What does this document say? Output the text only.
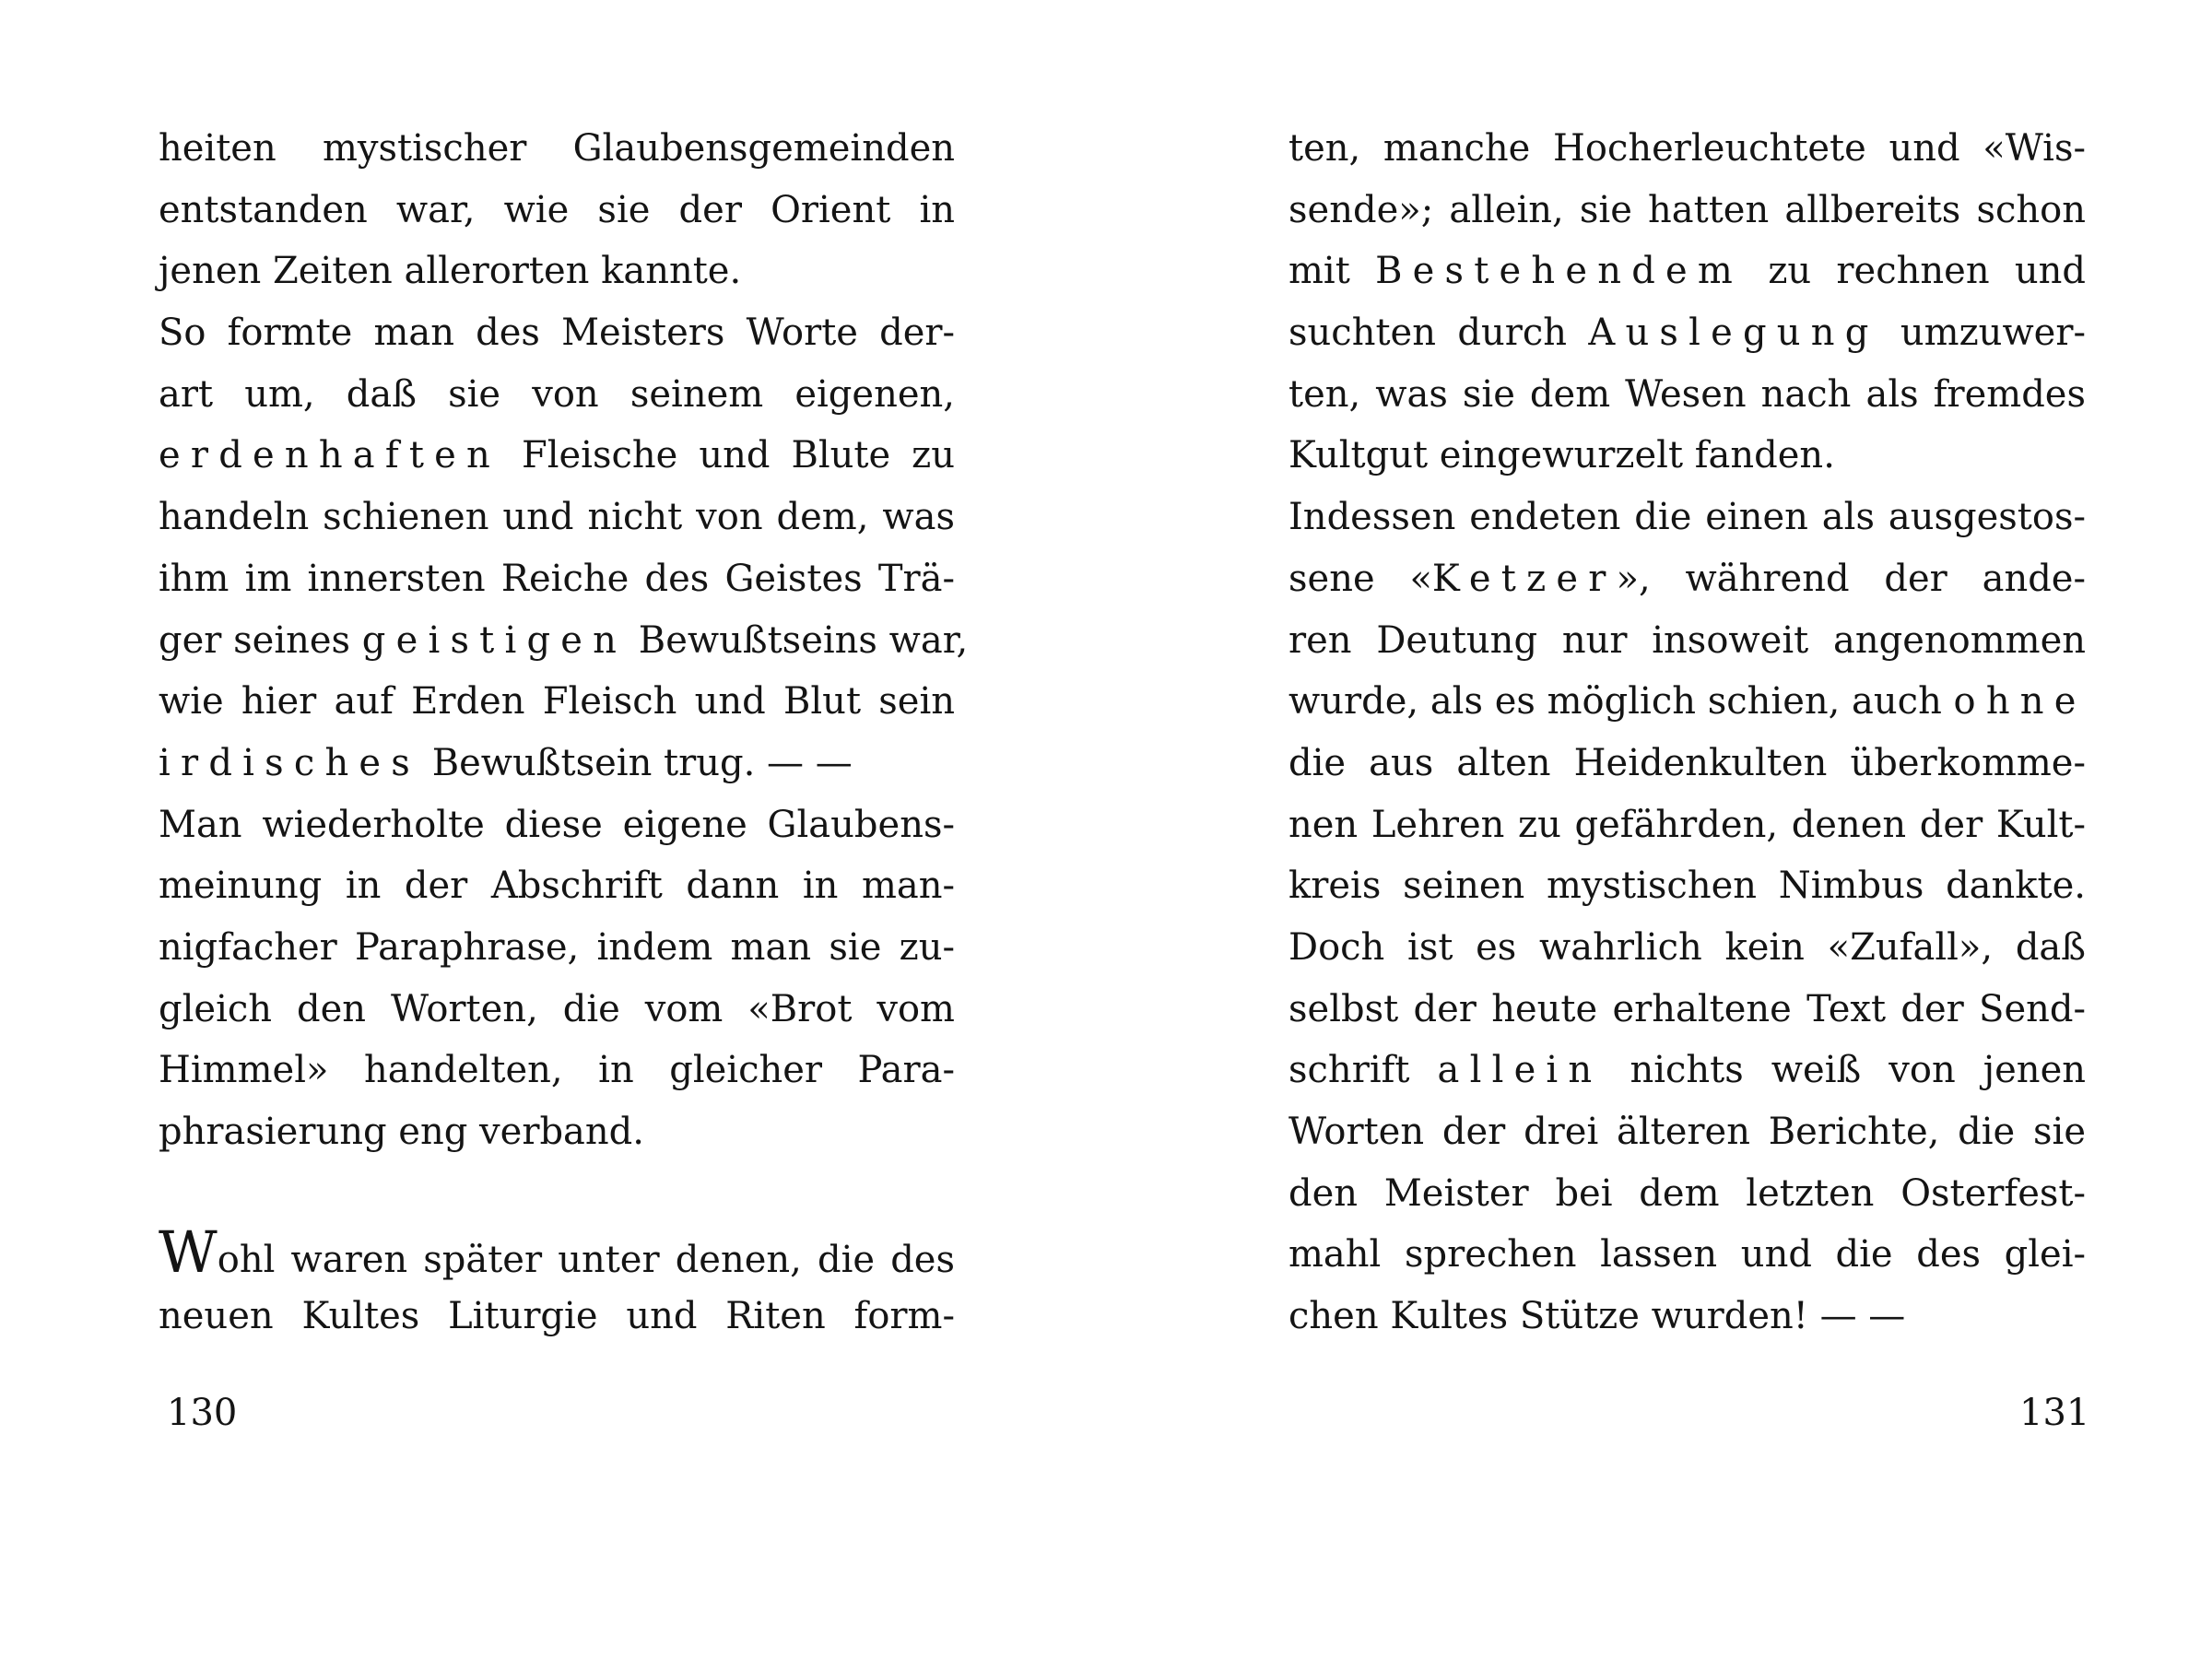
heiten mystischer Glaubensgemeinden
entstanden war, wie sie der Orient in
jenen Zeiten allerorten kannte.
So formte man des Meisters Worte der-
art um, daß sie von seinem eigenen,
erdenhaften Fleische und Blute zu
handeln schienen und nicht von dem, was
ihm im innersten Reiche des Geistes Trä-
ger seines geistigen Bewußtseins war,
wie hier auf Erden Fleisch und Blut sein
irdisches Bewußtsein trug. — —
Man wiederholte diese eigene Glaubens-
meinung in der Abschrift dann in man-
nigfacher Paraphrase, indem man sie zu-
gleich den Worten, die vom «Brot vom
Himmel» handelten, in gleicher Para-
phrasierung eng verband.
Wohl waren später unter denen, die des
neuen Kultes Liturgie und Riten form-
130
ten, manche Hocherleuchtete und «Wis-
sende»; allein, sie hatten allbereits schon
mit Bestehendem zu rechnen und
suchten durch Auslegung umzuwer-
ten, was sie dem Wesen nach als fremdes
Kultgut eingewurzelt fanden.
Indessen endeten die einen als ausgestos-
sene «Ketzer», während der ande-
ren Deutung nur insoweit angenommen
wurde, als es möglich schien, auch ohne
die aus alten Heidenkulten überkomme-
nen Lehren zu gefährden, denen der Kult-
kreis seinen mystischen Nimbus dankte.
Doch ist es wahrlich kein «Zufall», daß
selbst der heute erhaltene Text der Send-
schrift allein nichts weiß von jenen
Worten der drei älteren Berichte, die sie
den Meister bei dem letzten Osterfest-
mahl sprechen lassen und die des glei-
chen Kultes Stütze wurden! — —
131
